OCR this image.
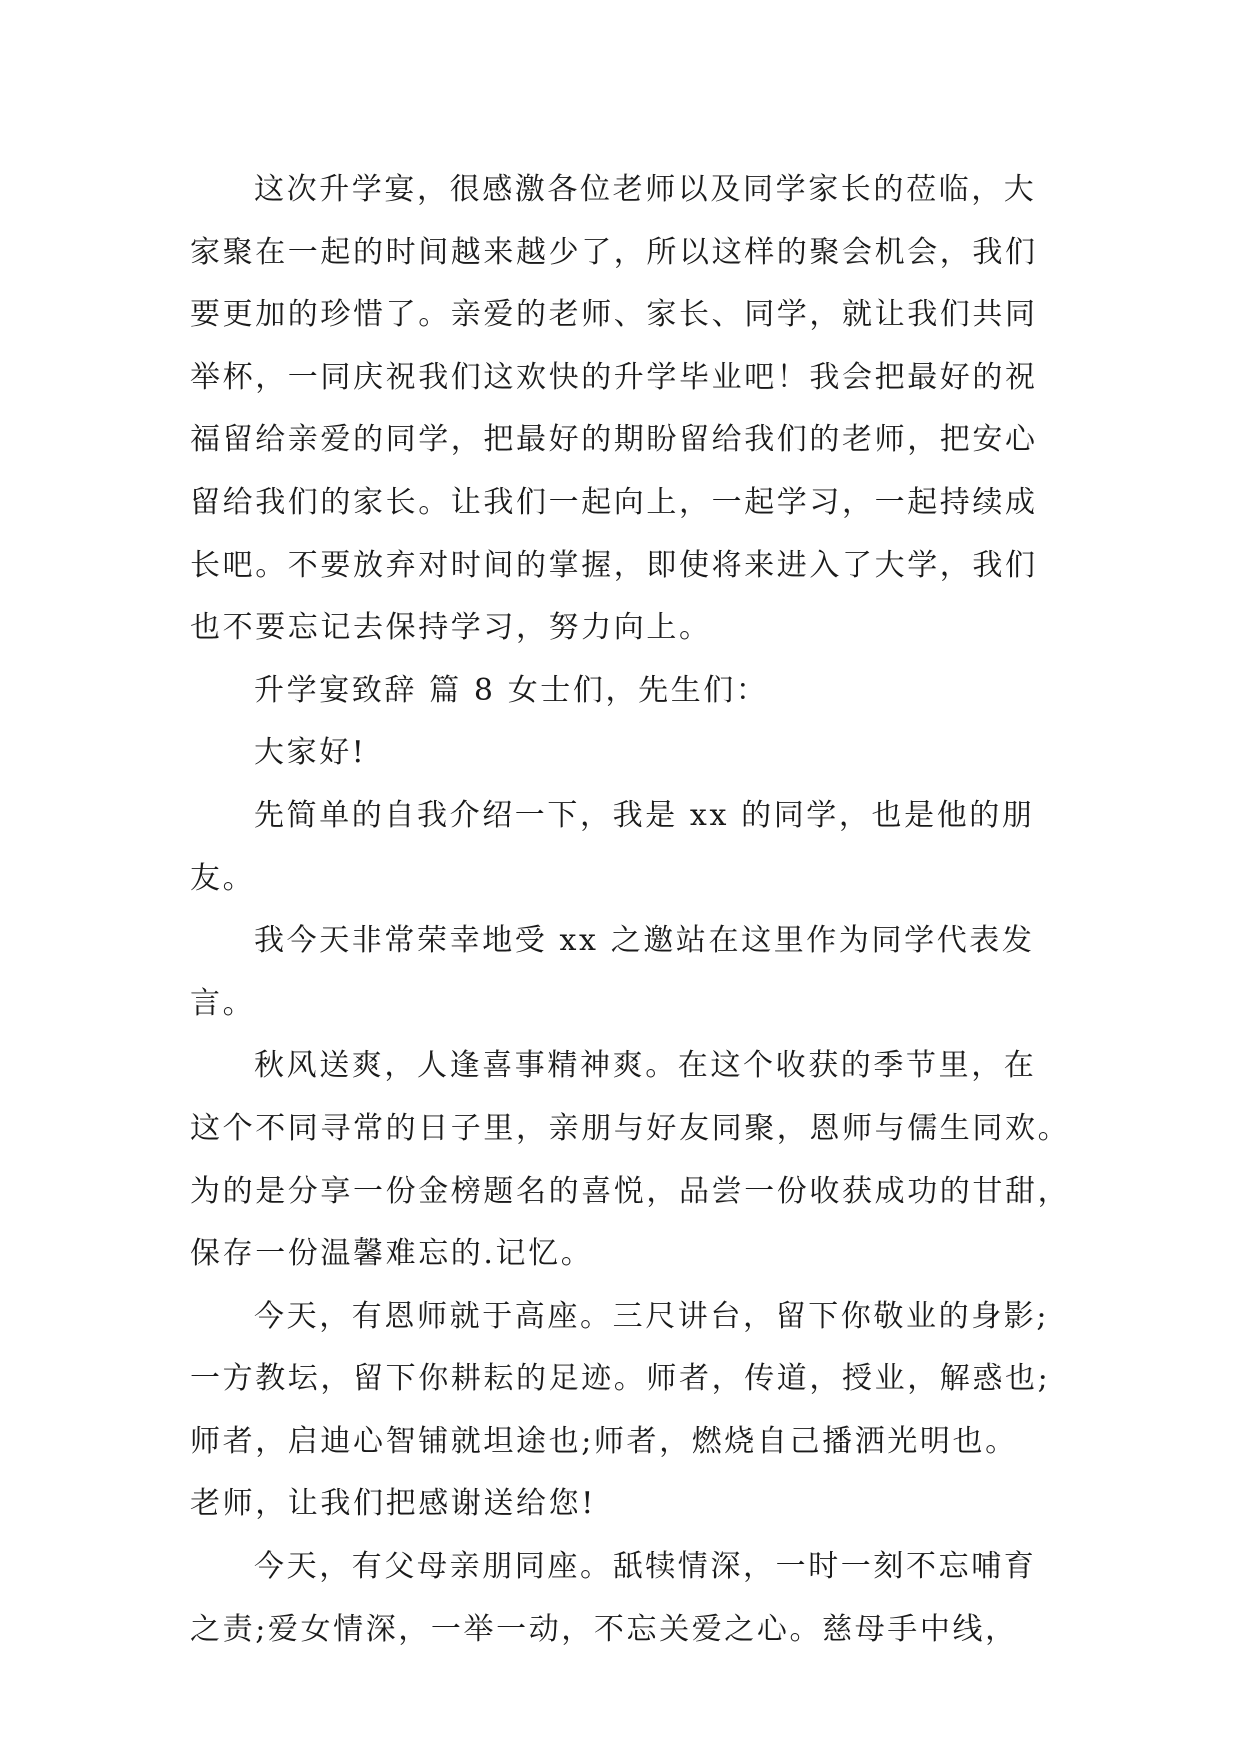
这次升学宴，很感激各位老师以及同学家长的莅临，大
家聚在一起的时间越来越少了，所以这样的聚会机会，我们
要更加的珍惜了。亲爱的老师、家长、同学，就让我们共同
举杯，一同庆祝我们这欢快的升学毕业吧！我会把最好的祝
福留给亲爱的同学，把最好的期盼留给我们的老师，把安心
留给我们的家长。让我们一起向上，一起学习，一起持续成
长吧。不要放弃对时间的掌握，即使将来进入了大学，我们
也不要忘记去保持学习，努力向上。
升学宴致辞 篇 8 女士们，先生们：
大家好!
先简单的自我介绍一下，我是 xx 的同学，也是他的朋
友。
我今天非常荣幸地受 xx 之邀站在这里作为同学代表发
言。
秋风送爽，人逢喜事精神爽。在这个收获的季节里，在
这个不同寻常的日子里，亲朋与好友同聚，恩师与儒生同欢。
为的是分享一份金榜题名的喜悦，品尝一份收获成功的甘甜，
保存一份温馨难忘的.记忆。
今天，有恩师就于高座。三尺讲台，留下你敬业的身影;
一方教坛，留下你耕耘的足迹。师者，传道，授业，解惑也;
师者，启迪心智铺就坦途也;师者，燃烧自己播洒光明也。
老师，让我们把感谢送给您!
今天，有父母亲朋同座。舐犊情深，一时一刻不忘哺育
之责;爱女情深，一举一动，不忘关爱之心。慈母手中线，
